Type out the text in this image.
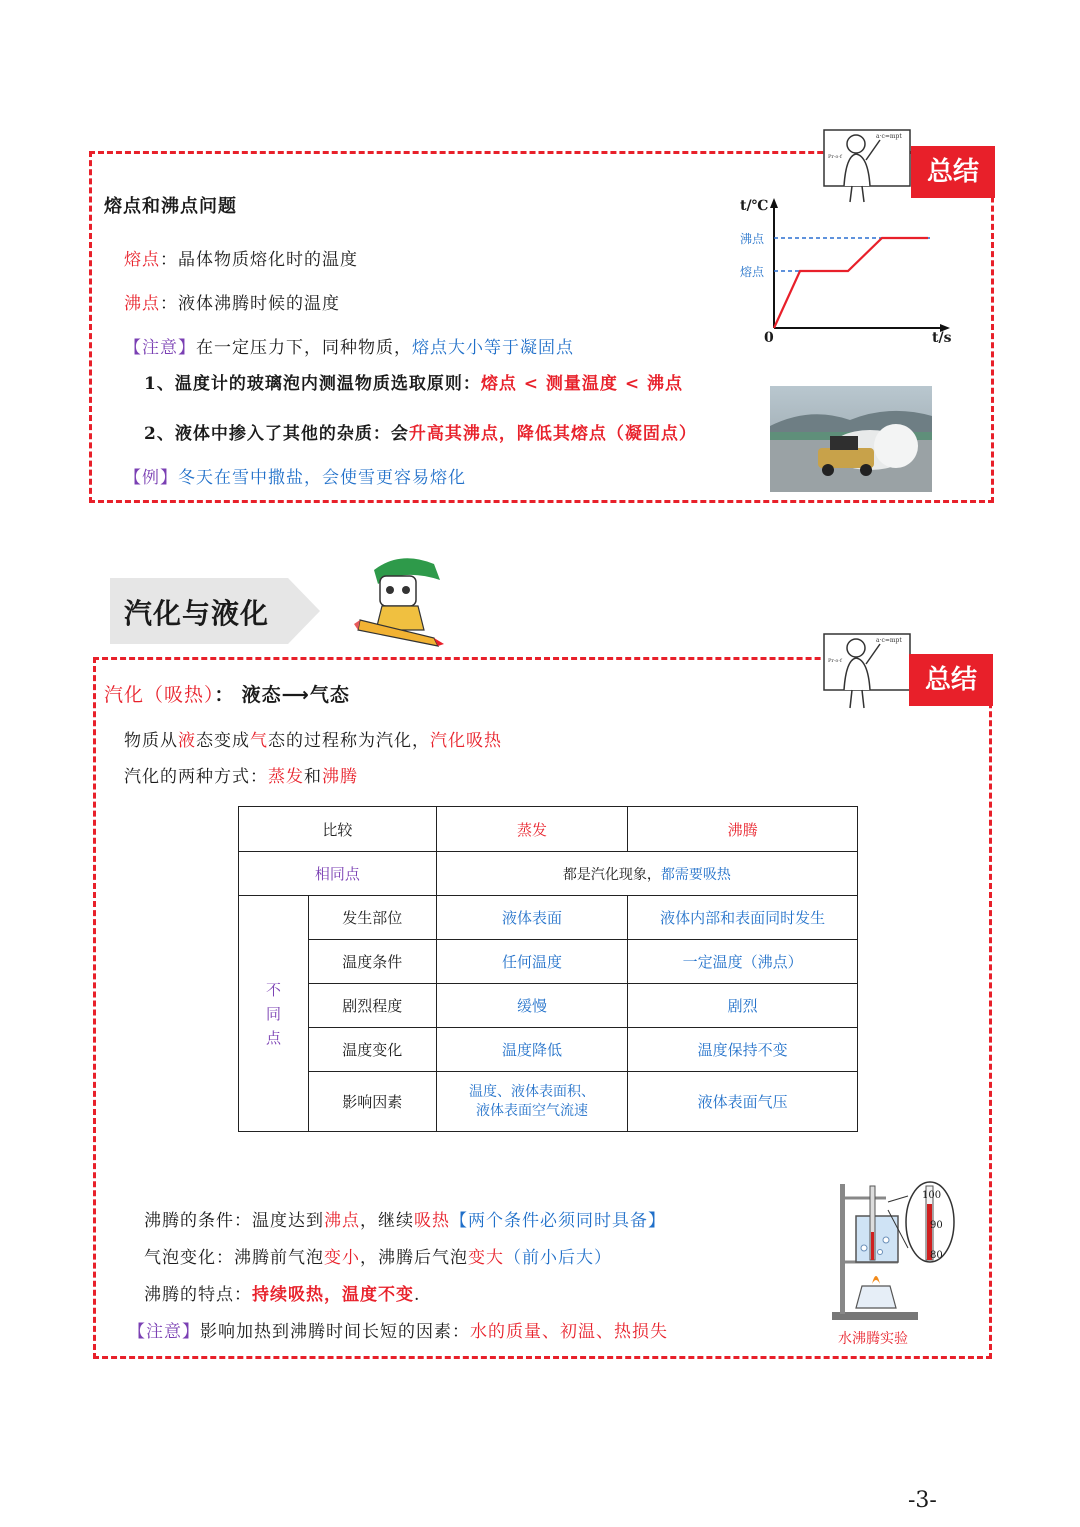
a·c=mpt
Pr·o·f	总结
熔点和沸点问题
熔点：晶体物质熔化时的温度
沸点：液体沸腾时候的温度
【注意】在一定压力下，同种物质，熔点大小等于凝固点
1、温度计的玻璃泡内测温物质选取原则：熔点 < 测量温度 < 沸点
2、液体中掺入了其他的杂质：会升高其沸点，降低其熔点（凝固点）
【例】冬天在雪中撒盐，会使雪更容易熔化
t/℃
t/s
0
沸点
熔点
汽化与液化
a·c=mpt
Pr·o·f
总结
汽化（吸热）： 液态⟶气态
物质从液态变成气态的过程称为汽化，汽化吸热
汽化的两种方式：蒸发和沸腾
比较		蒸发	沸腾
相同点		都是汽化现象，都需要吸热	
不
同
点	发生部位	液体表面	液体内部和表面同时发生
	温度条件	任何温度	一定温度（沸点）
	剧烈程度	缓慢	剧烈
	温度变化	温度降低	温度保持不变
	影响因素	温度、液体表面积、
液体表面空气流速	液体表面气压
沸腾的条件：温度达到沸点，继续吸热【两个条件必须同时具备】
气泡变化：沸腾前气泡变小，沸腾后气泡变大（前小后大）
沸腾的特点：持续吸热，温度不变.
【注意】影响加热到沸腾时间长短的因素：水的质量、初温、热损失
100
90
80
水沸腾实验
-3-
